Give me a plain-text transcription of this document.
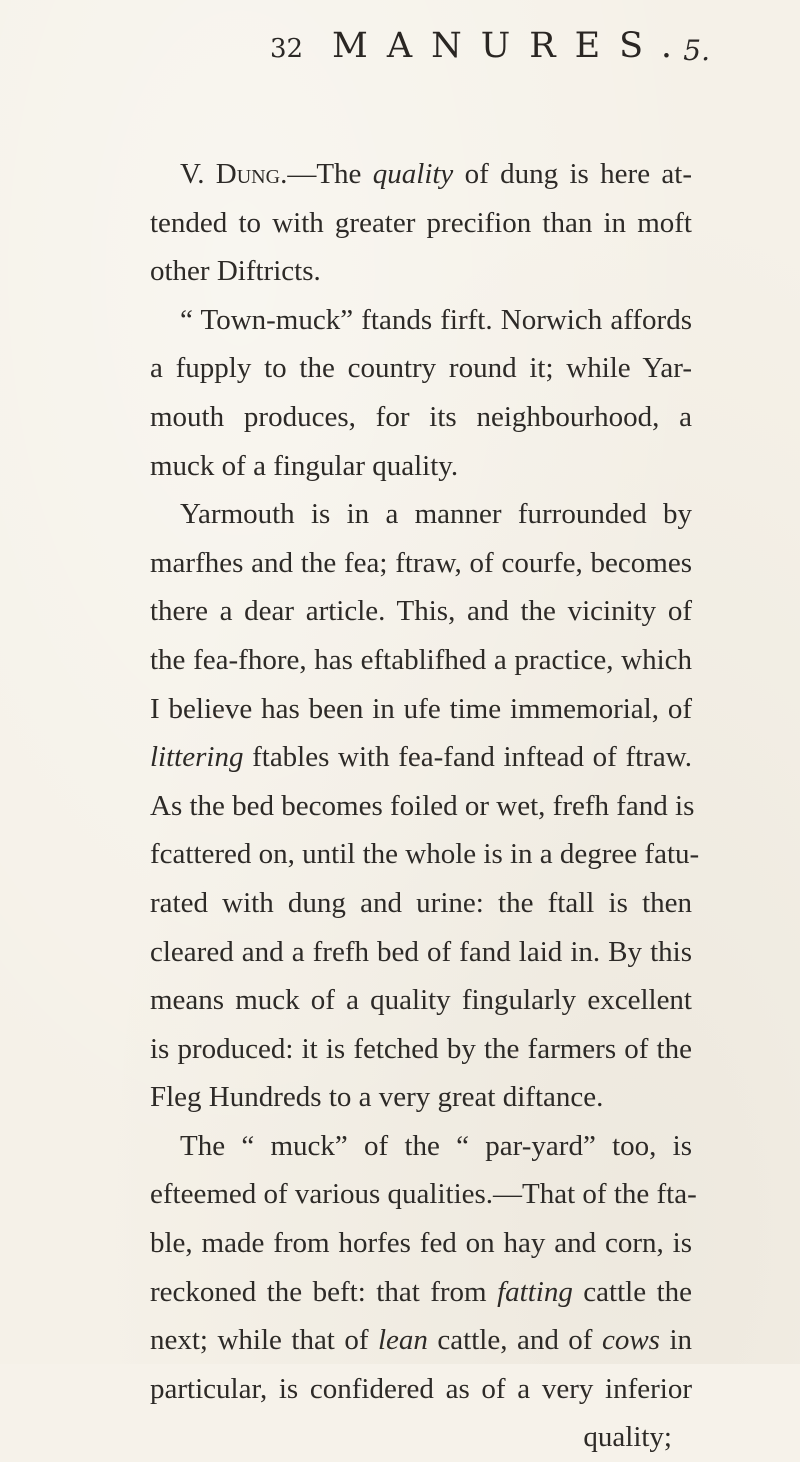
32 MANURES.
5.
V. Dung.—The quality of dung is here at-
tended to with greater precifion than in moft
other Diftricts.
“ Town-muck” ftands firft. Norwich affords
a fupply to the country round it; while Yar-
mouth produces, for its neighbourhood, a
muck of a fingular quality.
Yarmouth is in a manner furrounded by
marfhes and the fea; ftraw, of courfe, becomes
there a dear article. This, and the vicinity of
the fea-fhore, has eftablifhed a practice, which
I believe has been in ufe time immemorial, of
littering ftables with fea-fand inftead of ftraw.
As the bed becomes foiled or wet, frefh fand is
fcattered on, until the whole is in a degree fatu-
rated with dung and urine: the ftall is then
cleared and a frefh bed of fand laid in. By this
means muck of a quality fingularly excellent
is produced: it is fetched by the farmers of the
Fleg Hundreds to a very great diftance.
The “ muck” of the “ par-yard” too, is
efteemed of various qualities.—That of the fta-
ble, made from horfes fed on hay and corn, is
reckoned the beft: that from fatting cattle the
next; while that of lean cattle, and of cows in
particular, is confidered as of a very inferior
quality;
